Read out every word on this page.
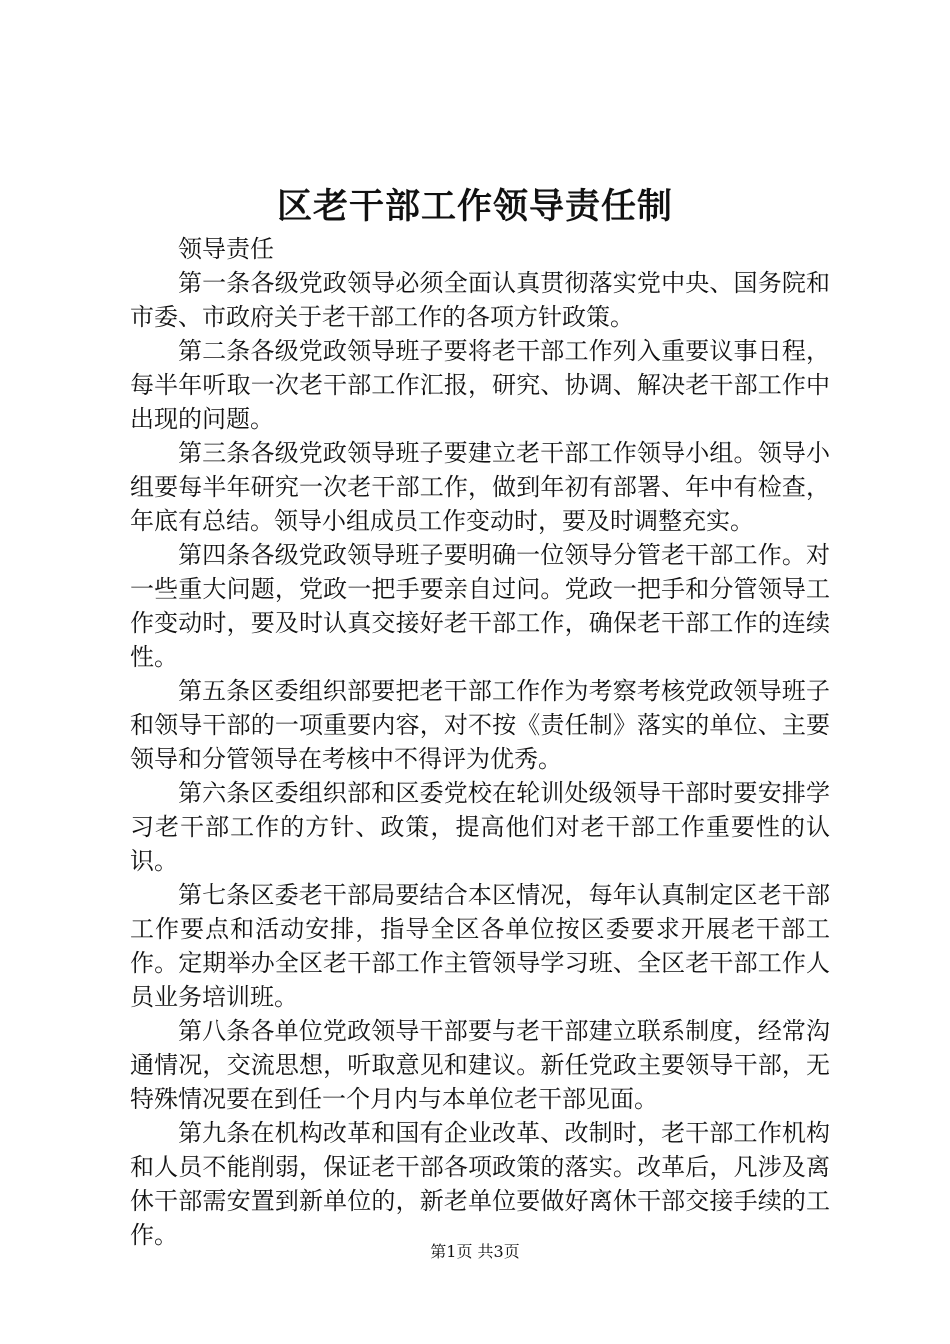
区老干部工作领导责任制

领导责任

第一条各级党政领导必须全面认真贯彻落实党中央、国务院和市委、市政府关于老干部工作的各项方针政策。

第二条各级党政领导班子要将老干部工作列入重要议事日程，每半年听取一次老干部工作汇报，研究、协调、解决老干部工作中出现的问题。

第三条各级党政领导班子要建立老干部工作领导小组。领导小组要每半年研究一次老干部工作，做到年初有部署、年中有检查，年底有总结。领导小组成员工作变动时，要及时调整充实。

第四条各级党政领导班子要明确一位领导分管老干部工作。对一些重大问题，党政一把手要亲自过问。党政一把手和分管领导工作变动时，要及时认真交接好老干部工作，确保老干部工作的连续性。

第五条区委组织部要把老干部工作作为考察考核党政领导班子和领导干部的一项重要内容，对不按《责任制》落实的单位、主要领导和分管领导在考核中不得评为优秀。

第六条区委组织部和区委党校在轮训处级领导干部时要安排学习老干部工作的方针、政策，提高他们对老干部工作重要性的认识。

第七条区委老干部局要结合本区情况，每年认真制定区老干部工作要点和活动安排，指导全区各单位按区委要求开展老干部工作。定期举办全区老干部工作主管领导学习班、全区老干部工作人员业务培训班。

第八条各单位党政领导干部要与老干部建立联系制度，经常沟通情况，交流思想，听取意见和建议。新任党政主要领导干部，无特殊情况要在到任一个月内与本单位老干部见面。

第九条在机构改革和国有企业改革、改制时，老干部工作机构和人员不能削弱，保证老干部各项政策的落实。改革后，凡涉及离休干部需安置到新单位的，新老单位要做好离休干部交接手续的工作。

第1页 共3页
